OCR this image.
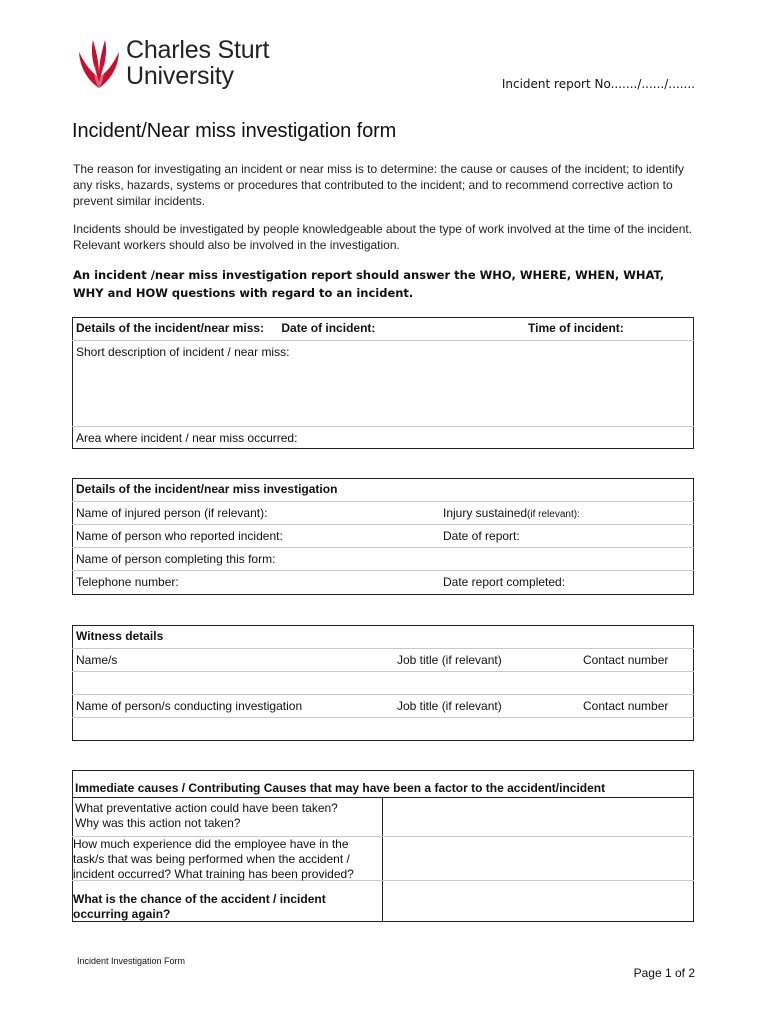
Charles Sturt
University	Incident report No......./....../.......
Incident/Near miss investigation form
The reason for investigating an incident or near miss is to determine: the cause or causes of the incident; to identify any risks, hazards, systems or procedures that contributed to the incident; and to recommend corrective action to prevent similar incidents.
Incidents should be investigated by people knowledgeable about the type of work involved at the time of the incident. Relevant workers should also be involved in the investigation.
An incident /near miss investigation report should answer the WHO, WHERE, WHEN, WHAT, WHY and HOW questions with regard to an incident.
Details of the incident/near miss: Date of incident:	Time of incident:
Short description of incident / near miss:
Area where incident / near miss occurred:
Details of the incident/near miss investigation	
Name of injured person (if relevant):	Injury sustained(if relevant):
Name of person who reported incident:	Date of report:
Name of person completing this form:	
Telephone number:	Date report completed:
Witness details		
Name/s	Job title (if relevant)	Contact number

Name of person/s conducting investigation	Job title (if relevant)	Contact number

Immediate causes / Contributing Causes that may have been a factor to the accident/incident
What preventative action could have been taken?
Why was this action not taken?
How much experience did the employee have in the
task/s that was being performed when the accident /
incident occurred? What training has been provided?
What is the chance of the accident / incident
occurring again?
Incident Investigation Form
Page 1 of 2
